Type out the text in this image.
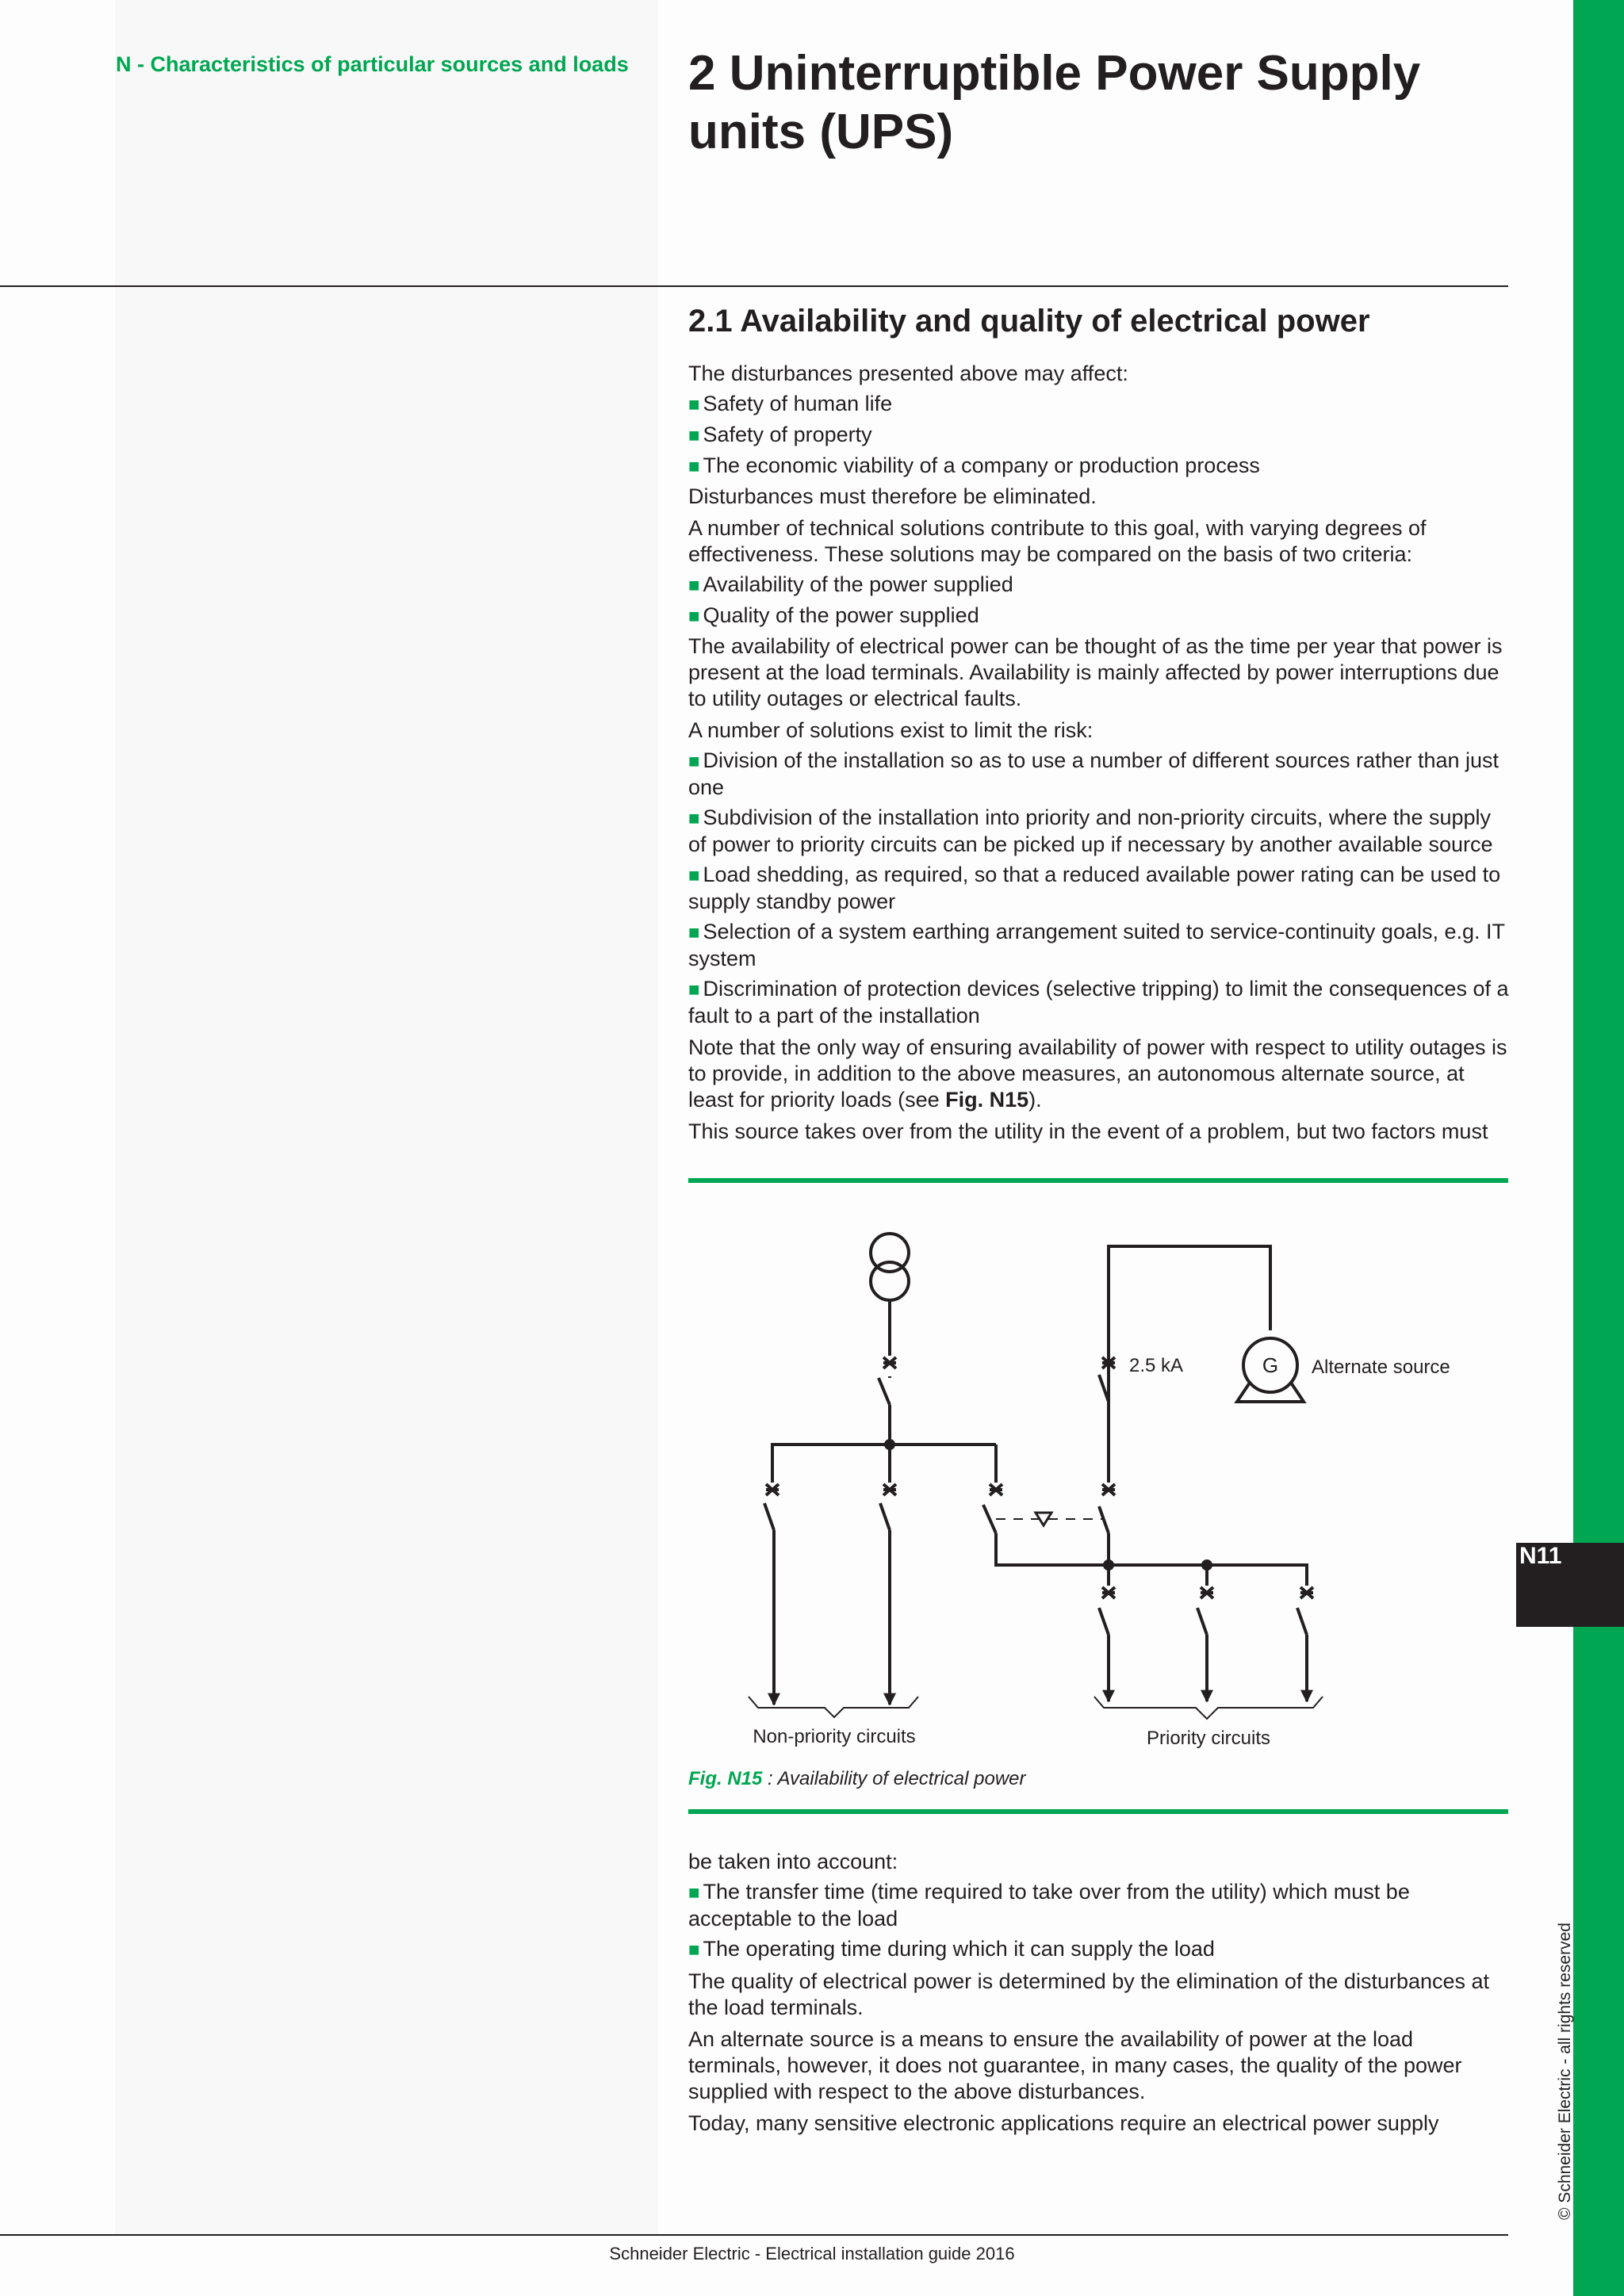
N11
N - Characteristics of particular sources and loads 2 Uninterruptible Power Supply units (UPS)
2.1 Availability and quality of electrical power

The disturbances presented above may affect:

■ Safety of human life

■ Safety of property

■ The economic viability of a company or production process

Disturbances must therefore be eliminated.

A number of technical solutions contribute to this goal, with varying degrees of effectiveness. These solutions may be compared on the basis of two criteria:

■ Availability of the power supplied

■ Quality of the power supplied

The availability of electrical power can be thought of as the time per year that power is present at the load terminals. Availability is mainly affected by power interruptions due to utility outages or electrical faults.

A number of solutions exist to limit the risk:

■ Division of the installation so as to use a number of different sources rather than just one

■ Subdivision of the installation into priority and non-priority circuits, where the supply of power to priority circuits can be picked up if necessary by another available source

■ Load shedding, as required, so that a reduced available power rating can be used to supply standby power

■ Selection of a system earthing arrangement suited to service-continuity goals, e.g. IT system

■ Discrimination of protection devices (selective tripping) to limit the consequences of a fault to a part of the installation

Note that the only way of ensuring availability of power with respect to utility outages is to provide, in addition to the above measures, an autonomous alternate source, at least for priority loads (see Fig. N15).

This source takes over from the utility in the event of a problem, but two factors must

2.5 kA	G Alternate source
Non-priority circuits	Priority circuits

Fig. N15 : Availability of electrical power

be taken into account:

■ The transfer time (time required to take over from the utility) which must be acceptable to the load

■ The operating time during which it can supply the load

The quality of electrical power is determined by the elimination of the disturbances at the load terminals.

An alternate source is a means to ensure the availability of power at the load terminals, however, it does not guarantee, in many cases, the quality of the power supplied with respect to the above disturbances.

Today, many sensitive electronic applications require an electrical power supply	© Schneider Electric - all rights reserved

Schneider Electric - Electrical installation guide 2016
